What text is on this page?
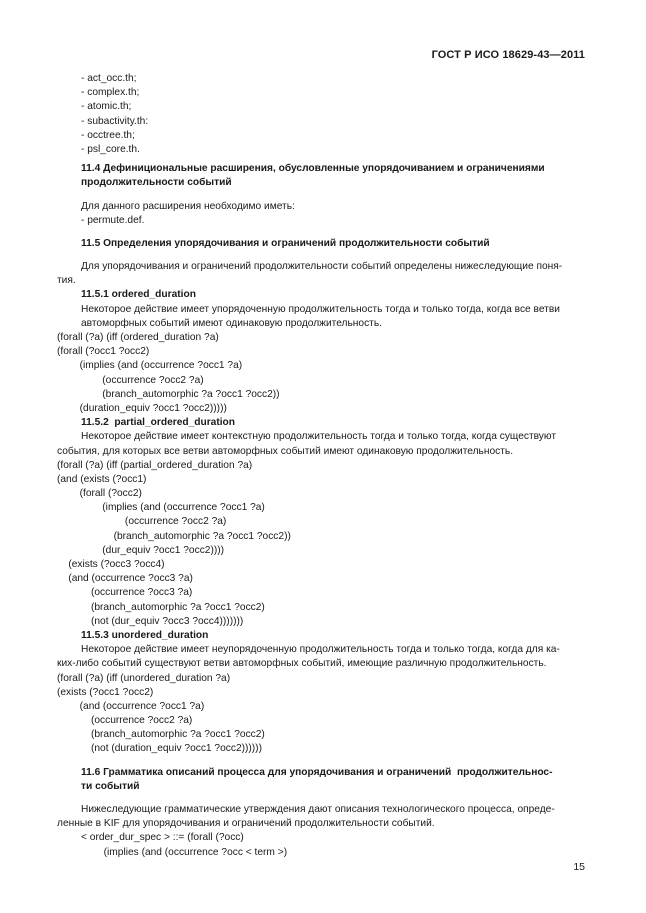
ГОСТ Р ИСО 18629-43—2011
- act_occ.th;
- complex.th;
- atomic.th;
- subactivity.th:
- occtree.th;
- psl_core.th.
11.4 Дефинициональные расширения, обусловленные упорядочиванием и ограничениями
продолжительности событий
Для данного расширения необходимо иметь:
- permute.def.
11.5 Определения упорядочивания и ограничений продолжительности событий
Для упорядочивания и ограничений продолжительности событий определены нижеследующие поня-
тия.
11.5.1 ordered_duration
Некоторое действие имеет упорядоченную продолжительность тогда и только тогда, когда все ветви
автоморфных событий имеют одинаковую продолжительность.
(forall (?a) (iff (ordered_duration ?a)
(forall (?occ1 ?occ2)
(implies (and (occurrence ?occ1 ?a)
(occurrence ?occ2 ?a)
(branch_automorphic ?a ?occ1 ?occ2))
(duration_equiv ?occ1 ?occ2)))))
11.5.2  partial_ordered_duration
Некоторое действие имеет контекстную продолжительность тогда и только тогда, когда существуют
события, для которых все ветви автоморфных событий имеют одинаковую продолжительность.
(forall (?a) (iff (partial_ordered_duration ?a)
(and (exists (?occ1)
(forall (?occ2)
(implies (and (occurrence ?occ1 ?a)
(occurrence ?occ2 ?a)
(branch_automorphic ?a ?occ1 ?occ2))
(dur_equiv ?occ1 ?occ2))))
(exists (?occ3 ?occ4)
(and (occurrence ?occ3 ?a)
(occurrence ?occ3 ?a)
(branch_automorphic ?a ?occ1 ?occ2)
(not (dur_equiv ?occ3 ?occ4)))))))
11.5.3 unordered_duration
Некоторое действие имеет неупорядоченную продолжительность тогда и только тогда, когда для ка-
ких-либо событий существуют ветви автоморфных событий, имеющие различную продолжительность.
(forall (?a) (iff (unordered_duration ?a)
(exists (?occ1 ?occ2)
(and (occurrence ?occ1 ?a)
(occurrence ?occ2 ?a)
(branch_automorphic ?a ?occ1 ?occ2)
(not (duration_equiv ?occ1 ?occ2))))))
11.6 Грамматика описаний процесса для упорядочивания и ограничений  продолжительнос-
ти событий
Нижеследующие грамматические утверждения дают описания технологического процесса, опреде-
ленные в KIF для упорядочивания и ограничений продолжительности событий.
< order_dur_spec > ::= (forall (?occ)
(implies (and (occurrence ?occ < term >)
15
